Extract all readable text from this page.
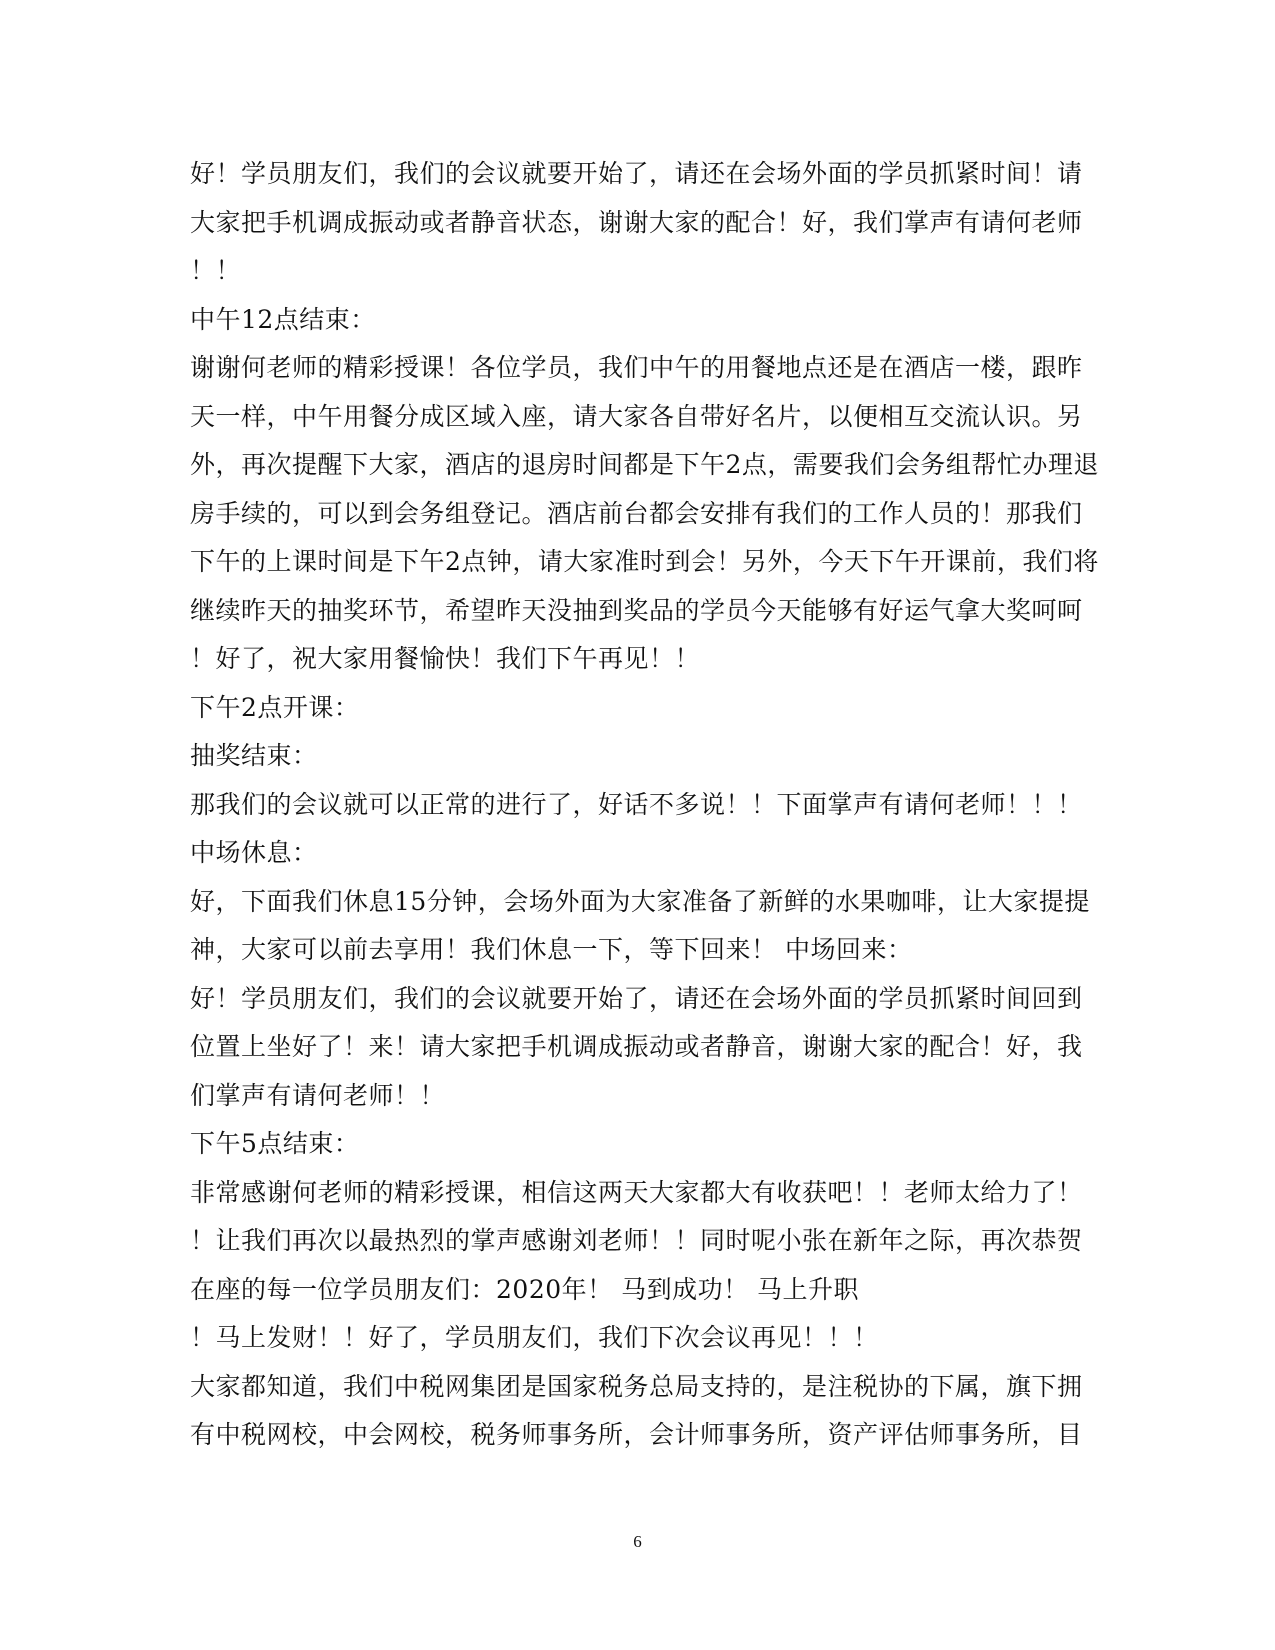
好！学员朋友们，我们的会议就要开始了，请还在会场外面的学员抓紧时间！请
大家把手机调成振动或者静音状态，谢谢大家的配合！好，我们掌声有请何老师
！！
中午12点结束：
谢谢何老师的精彩授课！各位学员，我们中午的用餐地点还是在酒店一楼，跟昨
天一样，中午用餐分成区域入座，请大家各自带好名片，以便相互交流认识。另
外，再次提醒下大家，酒店的退房时间都是下午2点，需要我们会务组帮忙办理退
房手续的，可以到会务组登记。酒店前台都会安排有我们的工作人员的！那我们
下午的上课时间是下午2点钟，请大家准时到会！另外，今天下午开课前，我们将
继续昨天的抽奖环节，希望昨天没抽到奖品的学员今天能够有好运气拿大奖呵呵
！好了，祝大家用餐愉快！我们下午再见！！
下午2点开课：
抽奖结束：
那我们的会议就可以正常的进行了，好话不多说！！下面掌声有请何老师！！！
中场休息：
好，下面我们休息15分钟，会场外面为大家准备了新鲜的水果咖啡，让大家提提
神，大家可以前去享用！我们休息一下，等下回来！ 中场回来：
好！学员朋友们，我们的会议就要开始了，请还在会场外面的学员抓紧时间回到
位置上坐好了！来！请大家把手机调成振动或者静音，谢谢大家的配合！好，我
们掌声有请何老师！！
下午5点结束：
非常感谢何老师的精彩授课，相信这两天大家都大有收获吧！！老师太给力了！
！让我们再次以最热烈的掌声感谢刘老师！！同时呢小张在新年之际，再次恭贺
在座的每一位学员朋友们：2020年！ 马到成功！ 马上升职
！马上发财！！好了，学员朋友们，我们下次会议再见！！！
大家都知道，我们中税网集团是国家税务总局支持的，是注税协的下属，旗下拥
有中税网校，中会网校，税务师事务所，会计师事务所，资产评估师事务所，目
6
